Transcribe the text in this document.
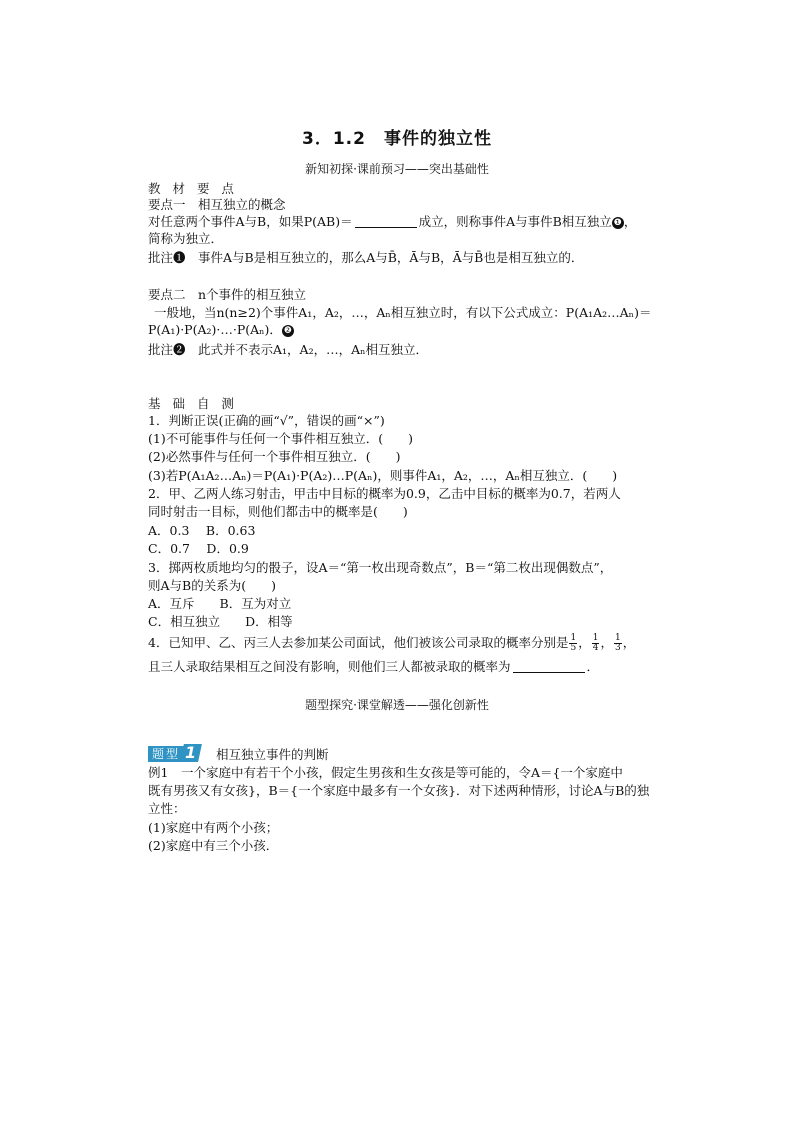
3．1.2　事件的独立性
新知初探·课前预习——突出基础性
教 材 要 点
要点一　相互独立的概念
对任意两个事件A与B，如果P(AB)＝	成立，则称事件A与事件B相互独立 ❶ ，
简称为独立．
批注❶　事件A与B是相互独立的，那么A与B̄，Ā与B，Ā与B̄也是相互独立的．
要点二　n个事件的相互独立
一般地，当n(n≥2)个事件A₁，A₂，…，Aₙ相互独立时，有以下公式成立：P(A₁A₂…Aₙ)＝
P(A₁)·P(A₂)·…·P(Aₙ)． ❷
批注❷　此式并不表示A₁，A₂，…，Aₙ相互独立．
基 础 自 测
1．判断正误(正确的画“√”，错误的画“×”)
(1)不可能事件与任何一个事件相互独立．(　　)
(2)必然事件与任何一个事件相互独立．(　　)
(3)若P(A₁A₂…Aₙ)＝P(A₁)·P(A₂)…P(Aₙ)，则事件A₁，A₂，…，Aₙ相互独立．(　　)
2．甲、乙两人练习射击，甲击中目标的概率为0.9，乙击中目标的概率为0.7，若两人
同时射击一目标，则他们都击中的概率是(　　)
A．0.3　 B．0.63
C．0.7　 D．0.9
3．掷两枚质地均匀的骰子，设A＝“第一枚出现奇数点”，B＝“第二枚出现偶数点”，
则A与B的关系为(　　)
A．互斥　　B．互为对立
C．相互独立　　D．相等
4．已知甲、乙、丙三人去参加某公司面试，他们被该公司录取的概率分别是 $\frac{1}{5}$ ， $\frac{1}{4}$ ， $\frac{1}{3}$ ，
且三人录取结果相互之间没有影响，则他们三人都被录取的概率为	．
题型探究·课堂解透——强化创新性
题型 1 相互独立事件的判断
例1　一个家庭中有若干个小孩，假定生男孩和生女孩是等可能的，令A＝{一个家庭中
既有男孩又有女孩}，B＝{一个家庭中最多有一个女孩}．对下述两种情形，讨论A与B的独
立性：
(1)家庭中有两个小孩；
(2)家庭中有三个小孩．
